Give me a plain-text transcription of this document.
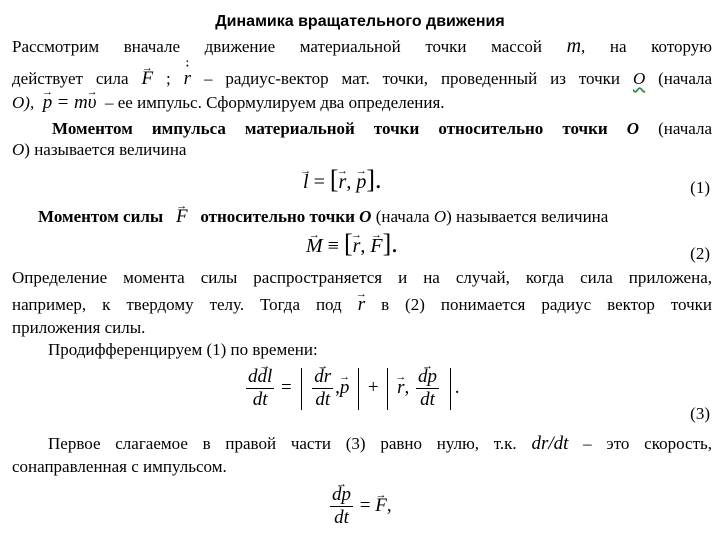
Динамика вращательного движения
Рассмотрим вначале движение материальной точки массой m, на которую
действует сила F → ; · r · – радиус-вектор мат. точки, проведенный из точки O (начала
O), p → = mυ → – ее импульс. Сформулируем два определения.
Моментом импульса материальной точки относительно точки O (начала
O) называется величина
l → = [r →, p →].	(1)
Моментом силы F → относительно точки O (начала O) называется величина
M → ≡ [r →, F →].	(2)
Определение момента силы распространяется и на случай, когда сила приложена,
например, к твердому телу. Тогда под r → в (2) понимается радиус вектор точки
приложения силы.
Продифференцируем (1) по времени:
$\frac{\text{ddl →}}{dt} = \frac{dr \to}{dt} ,p$ → + r →, $\frac{dp \to}{dt}$ .
(3)
Первое слагаемое в правой части (3) равно нулю, т.к. dr/dt – это скорость,
сонаправленная с импульсом.
$\frac{dp \to}{dt} = F$ →,
